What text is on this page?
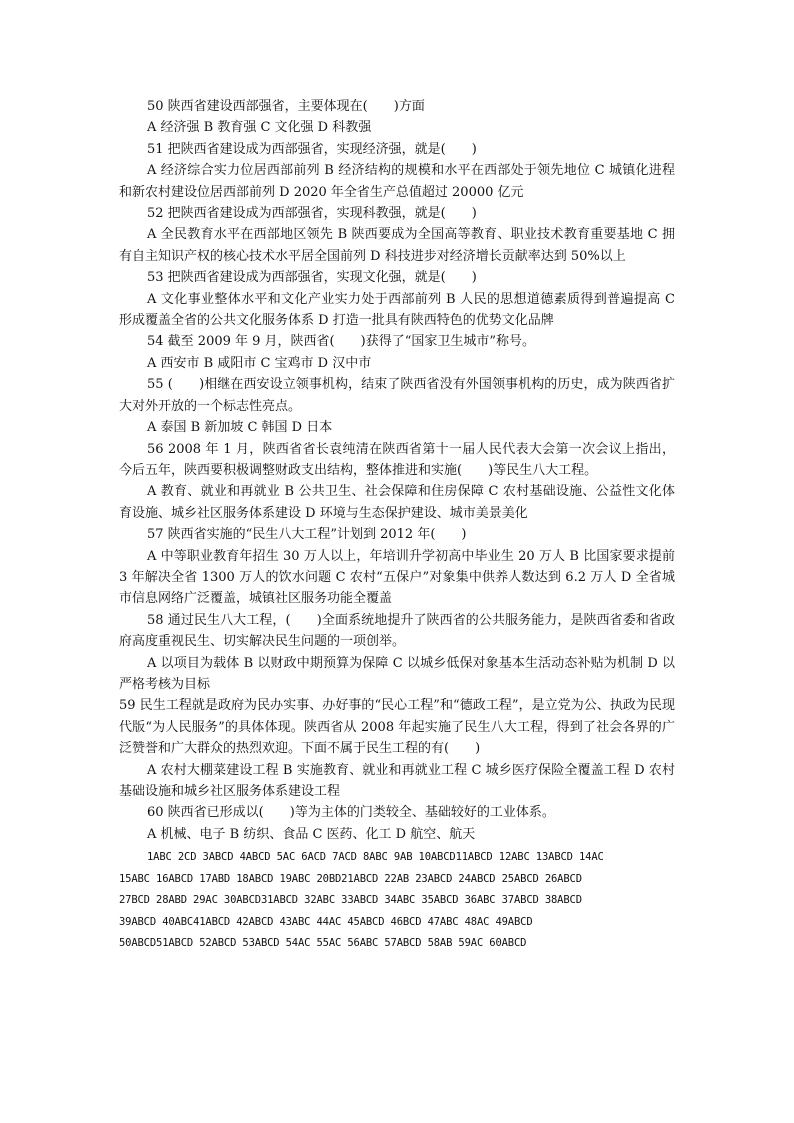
50 陕西省建设西部强省，主要体现在(　　)方面

A 经济强 B 教育强 C 文化强 D 科教强

51 把陕西省建设成为西部强省，实现经济强，就是(　　)

A 经济综合实力位居西部前列 B 经济结构的规模和水平在西部处于领先地位 C 城镇化进程和新农村建设位居西部前列 D 2020 年全省生产总值超过 20000 亿元

52 把陕西省建设成为西部强省，实现科教强，就是(　　)

A 全民教育水平在西部地区领先 B 陕西要成为全国高等教育、职业技术教育重要基地 C 拥有自主知识产权的核心技术水平居全国前列 D 科技进步对经济增长贡献率达到 50%以上

53 把陕西省建设成为西部强省，实现文化强，就是(　　)

A 文化事业整体水平和文化产业实力处于西部前列 B 人民的思想道德素质得到普遍提高 C 形成覆盖全省的公共文化服务体系 D 打造一批具有陕西特色的优势文化品牌

54 截至 2009 年 9 月，陕西省(　　)获得了“国家卫生城市”称号。

A 西安市 B 咸阳市 C 宝鸡市 D 汉中市

55 (　　)相继在西安设立领事机构，结束了陕西省没有外国领事机构的历史，成为陕西省扩大对外开放的一个标志性亮点。

A 泰国 B 新加坡 C 韩国 D 日本

56 2008 年 1 月，陕西省省长袁纯清在陕西省第十一届人民代表大会第一次会议上指出，今后五年，陕西要积极调整财政支出结构，整体推进和实施(　　)等民生八大工程。

A 教育、就业和再就业 B 公共卫生、社会保障和住房保障 C 农村基础设施、公益性文化体育设施、城乡社区服务体系建设 D 环境与生态保护建设、城市美景美化

57 陕西省实施的“民生八大工程”计划到 2012 年(　　)

A 中等职业教育年招生 30 万人以上，年培训升学初高中毕业生 20 万人 B 比国家要求提前 3 年解决全省 1300 万人的饮水问题 C 农村“五保户”对象集中供养人数达到 6.2 万人 D 全省城市信息网络广泛覆盖，城镇社区服务功能全覆盖

58 通过民生八大工程，(　　)全面系统地提升了陕西省的公共服务能力，是陕西省委和省政府高度重视民生、切实解决民生问题的一项创举。

A 以项目为载体 B 以财政中期预算为保障 C 以城乡低保对象基本生活动态补贴为机制 D 以严格考核为目标

59 民生工程就是政府为民办实事、办好事的“民心工程”和“德政工程”，是立党为公、执政为民现代版“为人民服务”的具体体现。陕西省从 2008 年起实施了民生八大工程，得到了社会各界的广泛赞誉和广大群众的热烈欢迎。下面不属于民生工程的有(　　)

A 农村大棚菜建设工程 B 实施教育、就业和再就业工程 C 城乡医疗保险全覆盖工程 D 农村基础设施和城乡社区服务体系建设工程

60 陕西省已形成以(　　)等为主体的门类较全、基础较好的工业体系。

A 机械、电子 B 纺织、食品 C 医药、化工 D 航空、航天

1ABC 2CD 3ABCD 4ABCD 5AC 6ACD 7ACD 8ABC 9AB 10ABCD11ABCD 12ABC 13ABCD 14AC

15ABC 16ABCD 17ABD 18ABCD 19ABC 20BD21ABCD 22AB 23ABCD 24ABCD 25ABCD 26ABCD

27BCD 28ABD 29AC 30ABCD31ABCD 32ABC 33ABCD 34ABC 35ABCD 36ABC 37ABCD 38ABCD

39ABCD 40ABC41ABCD 42ABCD 43ABC 44AC 45ABCD 46BCD 47ABC 48AC 49ABCD

50ABCD51ABCD 52ABCD 53ABCD 54AC 55AC 56ABC 57ABCD 58AB 59AC 60ABCD
